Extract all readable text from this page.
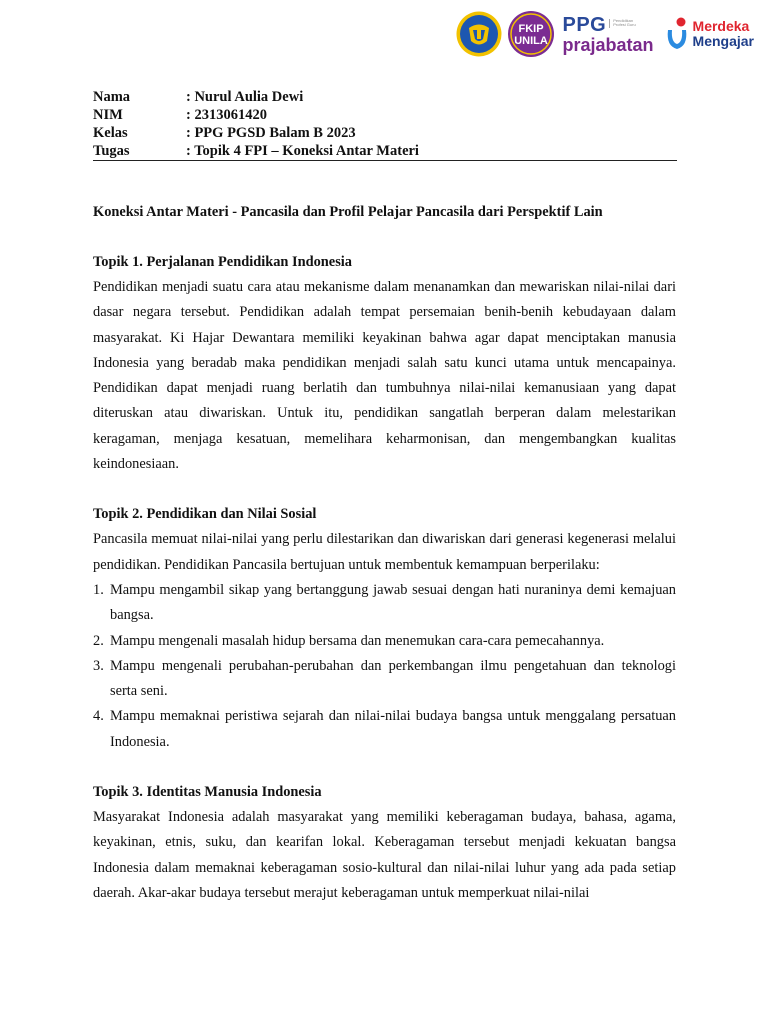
FKIP
UNILA
PPG	Pendidikan Profesi Guru
prajabatan
Merdeka
Mengajar
Nama	: Nurul Aulia Dewi
NIM	: 2313061420
Kelas	: PPG PGSD Balam B 2023
Tugas	: Topik 4 FPI – Koneksi Antar Materi

Koneksi Antar Materi - Pancasila dan Profil Pelajar Pancasila dari Perspektif Lain

Topik 1. Perjalanan Pendidikan Indonesia

Pendidikan menjadi suatu cara atau mekanisme dalam menanamkan dan mewariskan nilai-nilai dari dasar negara tersebut. Pendidikan adalah tempat persemaian benih-benih kebudayaan dalam masyarakat. Ki Hajar Dewantara memiliki keyakinan bahwa agar dapat menciptakan manusia Indonesia yang beradab maka pendidikan menjadi salah satu kunci utama untuk mencapainya. Pendidikan dapat menjadi ruang berlatih dan tumbuhnya nilai-nilai kemanusiaan yang dapat diteruskan atau diwariskan. Untuk itu, pendidikan sangatlah berperan dalam melestarikan keragaman, menjaga kesatuan, memelihara keharmonisan, dan mengembangkan kualitas keindonesiaan.

Topik 2. Pendidikan dan Nilai Sosial

Pancasila memuat nilai-nilai yang perlu dilestarikan dan diwariskan dari generasi kegenerasi melalui pendidikan. Pendidikan Pancasila bertujuan untuk membentuk kemampuan berperilaku:

1. Mampu mengambil sikap yang bertanggung jawab sesuai dengan hati nuraninya demi kemajuan bangsa.
2. Mampu mengenali masalah hidup bersama dan menemukan cara-cara pemecahannya.
3. Mampu mengenali perubahan-perubahan dan perkembangan ilmu pengetahuan dan teknologi serta seni.
4. Mampu memaknai peristiwa sejarah dan nilai-nilai budaya bangsa untuk menggalang persatuan Indonesia.

Topik 3. Identitas Manusia Indonesia

Masyarakat Indonesia adalah masyarakat yang memiliki keberagaman budaya, bahasa, agama, keyakinan, etnis, suku, dan kearifan lokal. Keberagaman tersebut menjadi kekuatan bangsa Indonesia dalam memaknai keberagaman sosio-kultural dan nilai-nilai luhur yang ada pada setiap daerah. Akar-akar budaya tersebut merajut keberagaman untuk memperkuat nilai-nilai
